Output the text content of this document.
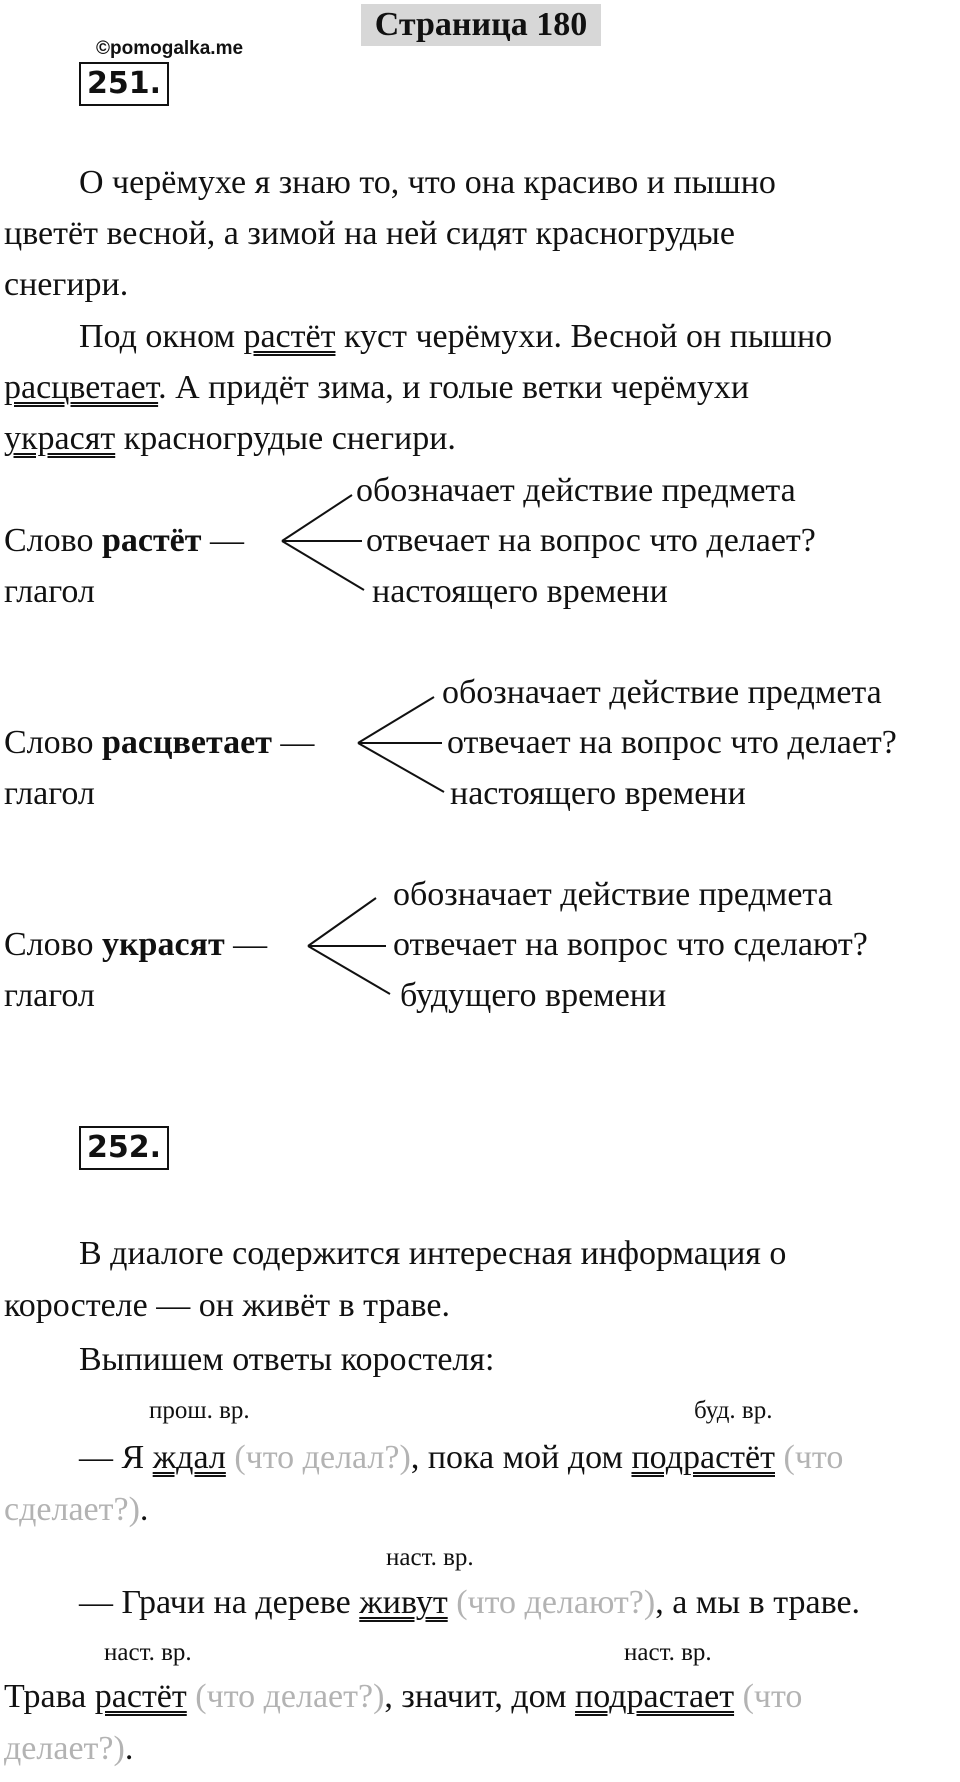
Страница 180
©pomogalka.me
251.
О черёмухе я знаю то, что она красиво и пышно
цветёт весной, а зимой на ней сидят красногрудые
снегири.
Под окном растёт куст черёмухи. Весной он пышно
расцветает. А придёт зима, и голые ветки черёмухи
украсят красногрудые снегири.
обозначает действие предмета
Слово растёт —	отвечает на вопрос что делает?
глагол	настоящего времени
обозначает действие предмета
Слово расцветает —	отвечает на вопрос что делает?
глагол	настоящего времени
обозначает действие предмета
Слово украсят —	отвечает на вопрос что сделают?
глагол	будущего времени
252.
В диалоге содержится интересная информация о
коростеле — он живёт в траве.
Выпишем ответы коростеля:
прош. вр.	буд. вр.
— Я ждал (что делал?), пока мой дом подрастёт (что
сделает?).
наст. вр.
— Грачи на дереве живут (что делают?), а мы в траве.
наст. вр.	наст. вр.
Трава растёт (что делает?), значит, дом подрастает (что
делает?).
